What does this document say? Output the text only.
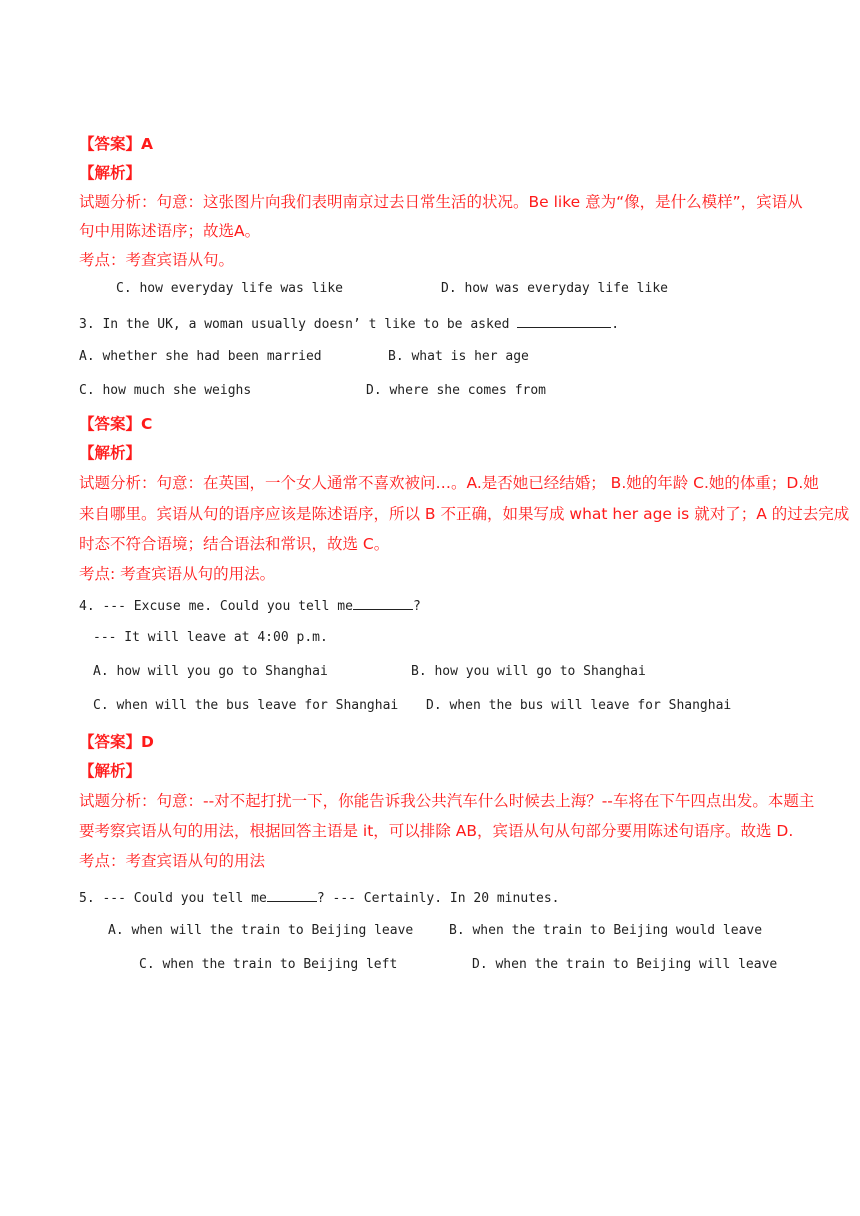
【答案】A
【解析】
试题分析：句意：这张图片向我们表明南京过去日常生活的状况。Be like 意为“像，是什么模样”，宾语从
句中用陈述语序；故选A。
考点：考查宾语从句。
C. how everyday life was like	D. how was everyday life like
3. In the UK, a woman usually doesn’ t like to be asked	.
A. whether she had been married	B. what is her age
C. how much she weighs	D. where she comes from
【答案】C
【解析】
试题分析：句意：在英国，一个女人通常不喜欢被问…。A.是否她已经结婚； B.她的年龄 C.她的体重；D.她
来自哪里。宾语从句的语序应该是陈述语序，所以 B 不正确，如果写成 what her age is 就对了；A 的过去完成
时态不符合语境；结合语法和常识，故选 C。
考点: 考查宾语从句的用法。
4. --- Excuse me. Could you tell me	?
--- It will leave at 4:00 p.m.
A. how will you go to Shanghai	B. how you will go to Shanghai
C. when will the bus leave for Shanghai D. when the bus will leave for Shanghai
【答案】D
【解析】
试题分析：句意：--对不起打扰一下，你能告诉我公共汽车什么时候去上海？--车将在下午四点出发。本题主
要考察宾语从句的用法，根据回答主语是 it，可以排除 AB，宾语从句从句部分要用陈述句语序。故选 D.
考点：考查宾语从句的用法
5. --- Could you tell me	? --- Certainly. In 20 minutes.
A. when will the train to Beijing leave	B. when the train to Beijing would leave
C. when the train to Beijing left	D. when the train to Beijing will leave
